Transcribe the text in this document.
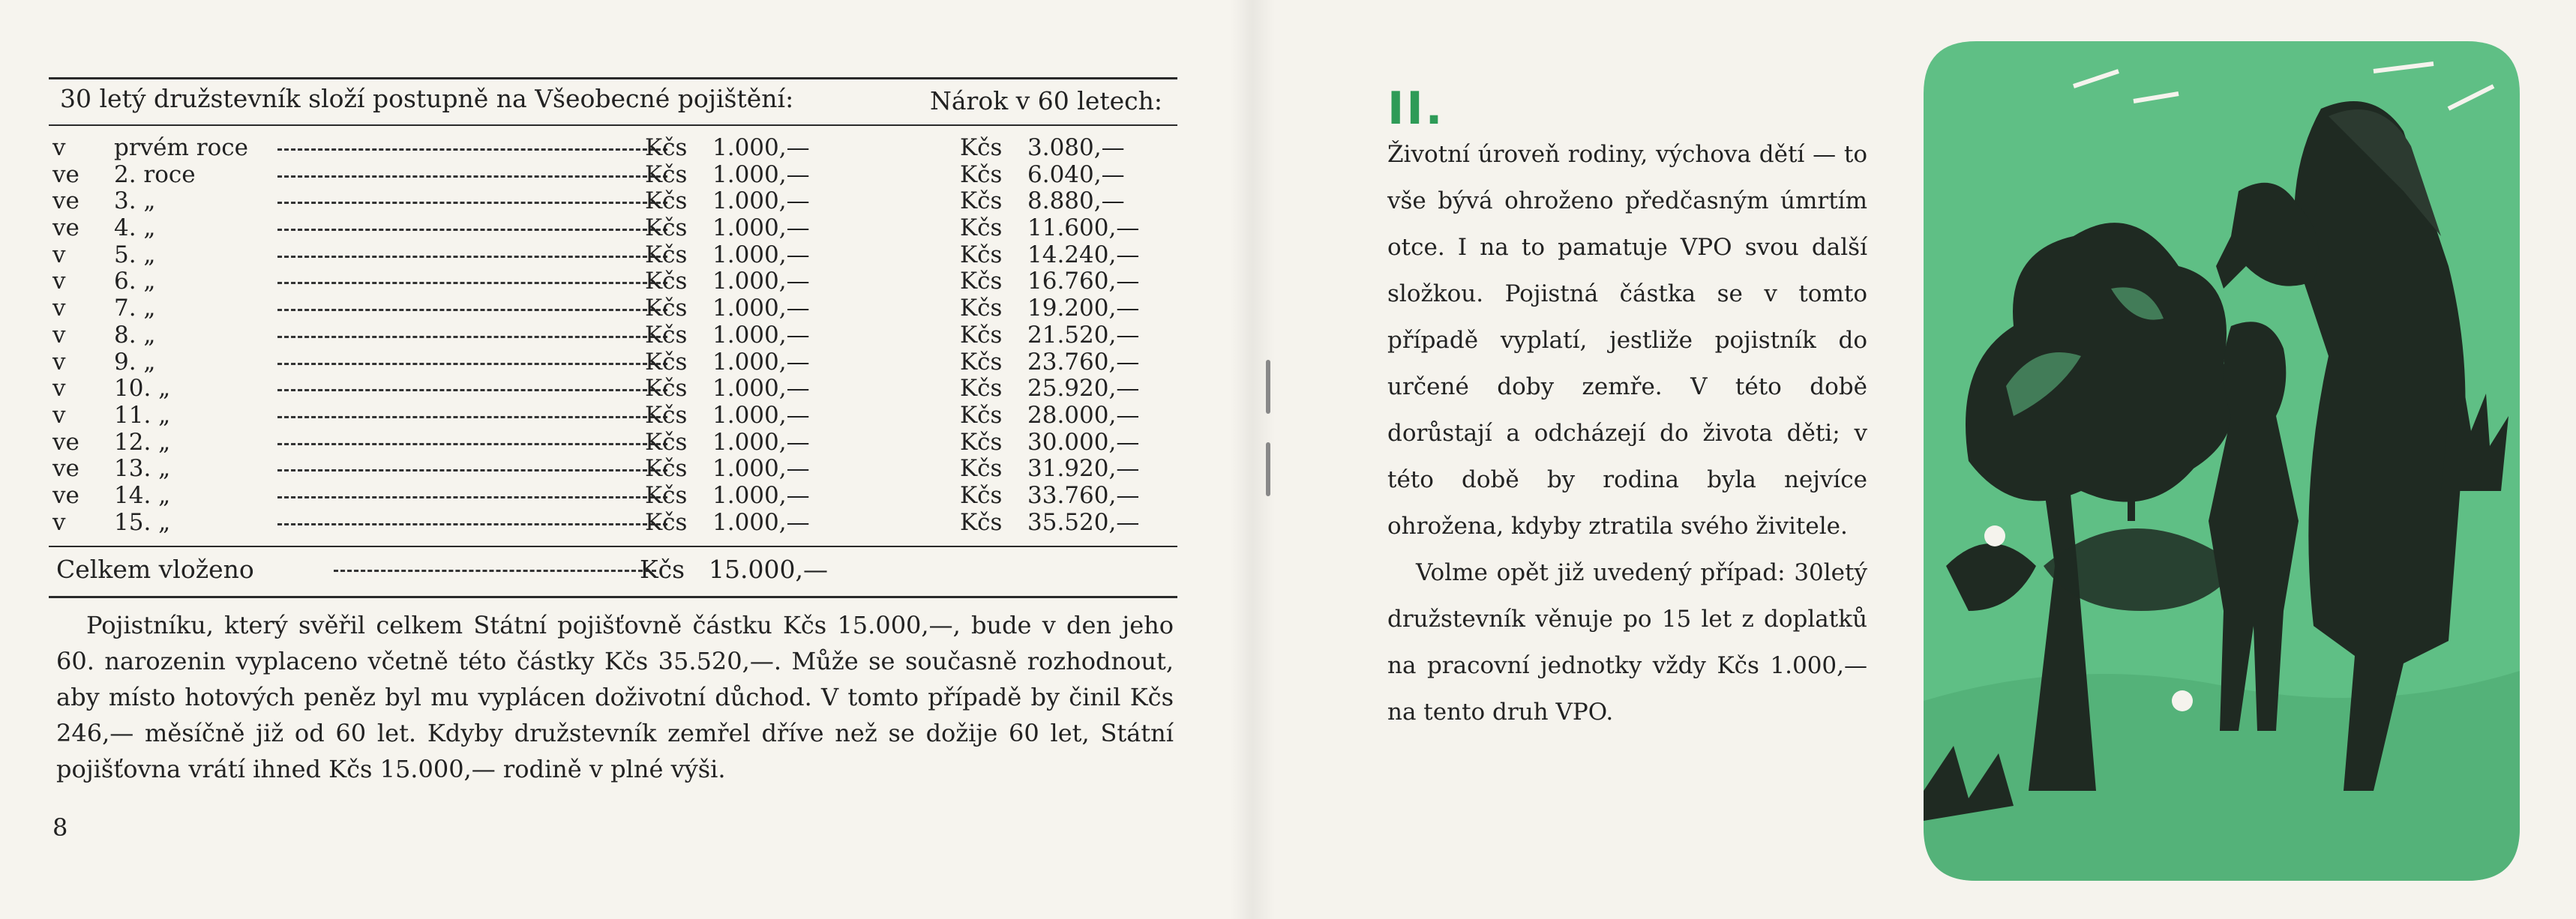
30 letý družstevník složí postupně na Všeobecné pojištění:	Nárok v 60 letech:
v	prvém roce	Kčs 1.000,—	Kčs 3.080,—
ve	2. roce	Kčs 1.000,—	Kčs 6.040,—
ve	3. „	Kčs 1.000,—	Kčs 8.880,—
ve	4. „	Kčs 1.000,—	Kčs 11.600,—
v	5. „	Kčs 1.000,—	Kčs 14.240,—
v	6. „	Kčs 1.000,—	Kčs 16.760,—
v	7. „	Kčs 1.000,—	Kčs 19.200,—
v	8. „	Kčs 1.000,—	Kčs 21.520,—
v	9. „	Kčs 1.000,—	Kčs 23.760,—
v	10. „	Kčs 1.000,—	Kčs 25.920,—
v	11. „	Kčs 1.000,—	Kčs 28.000,—
ve	12. „	Kčs 1.000,—	Kčs 30.000,—
ve	13. „	Kčs 1.000,—	Kčs 31.920,—
ve	14. „	Kčs 1.000,—	Kčs 33.760,—
v	15. „	Kčs 1.000,—	Kčs 35.520,—
Celkem vloženo	Kčs 15.000,—

Pojistníku, který svěřil celkem Státní pojišťovně částku Kčs 15.000,—, bude v den jeho 60. narozenin vyplaceno včetně této částky Kčs 35.520,—. Může se současně rozhodnout, aby místo hotových peněz byl mu vyplácen doživotní důchod. V tomto případě by činil Kčs 246,— měsíčně již od 60 let. Kdyby družstevník zemřel dříve než se dožije 60 let, Státní pojišťovna vrátí ihned Kčs 15.000,— rodině v plné výši.

8
II.

Životní úroveň rodiny, výchova dětí — to vše bývá ohroženo předčasným úmrtím otce. I na to pamatuje VPO svou další složkou. Pojistná částka se v tomto případě vyplatí, jestliže pojistník do určené doby zemře. V této době dorůstají a odcházejí do života děti; v této době by rodina byla nejvíce ohrožena, kdyby ztratila svého živitele.

Volme opět již uvedený případ: 30letý družstevník věnuje po 15 let z doplatků na pracovní jednotky vždy Kčs 1.000,— na tento druh VPO.
